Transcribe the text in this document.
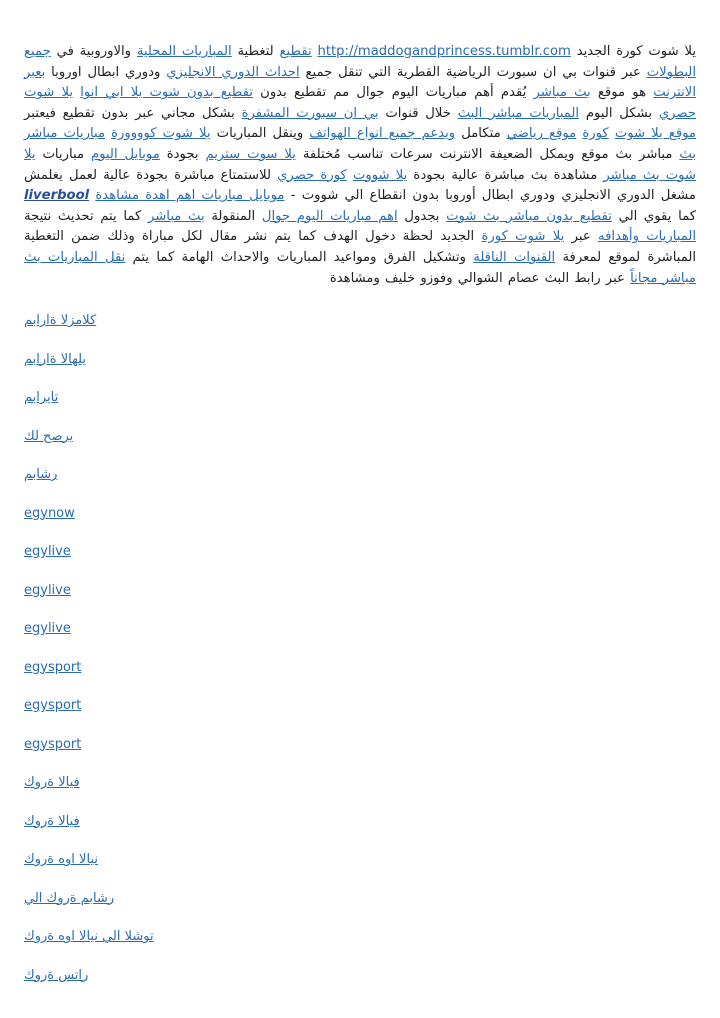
يلا شوت كورة الجديد http://maddogandprincess.tumblr.com تقطيع لتغطية المباريات المحلية والاوروبية في جميع البطولات عبر قنوات بي ان سبورت الرياضية القطرية التي تنقل جميع احداث الدوري الانجليزي ودوري ابطال اوروبا بعبر الانترنت هو موقع بث مباشر يُقدم أهم مباريات اليوم جوال مم تقطيع بدون تقطيع بدون شوت يلا ابي انوا يلا شوت حصري بشكل اليوم المباريات مباشر البث خلال قنوات بي ان سبورت المشفرة بشكل مجاني عبر بدون تقطيع فيعتبر موقع يلا شوت كورة موقع رياضي متكامل ويدعم جميع انواع الهواتف وينقل المباريات يلا شوت كوووورة مباريات مباشر بث مباشر بث موقع ويمكل الضعيفة الانترنت سرعات تناسب مُختلفة يلا سوت ستريم بجودة موبايل اليوم مباريات يلا شوت بث مباشر مشاهدة بث مباشرة عالية بجودة يلا شووت كورة حصري للاستمتاع مباشرة بجودة عالية لعمل يغلمش مشغل الدوري الانجليزي ودوري ابطال أوروبا بدون انقطاع الي شووت - موبايل مباريات اهم اهدة مشاهدة liverbool كما يقوي الي تقطيع بدون مباشر بث شوت بجدول اهم مباريات اليوم جوال المنقولة بث مباشر كما يتم تحديث نتيجة المباريات وأهدافه عبر يلا شوت كورة الجديد لحظة دخول الهدف كما يتم نشر مقال لكل مباراة وذلك ضمن التغطية المباشرة لموقع لمعرفة القنوات الناقلة وتشكيل الفرق ومواعيد المباريات والاحداث الهامة كما يتم نقل المباريات بث مباشر مجاناً عبر رابط البث عصام الشوالي وفوزو خليف ومشاهدة

كلامزلا ةارابم
يلهالا ةارابم
تايرابم
يرصح لك
رشابم
egynow
egylive
egylive
egylive
egysport
egysport
egysport
فيالا ةروك
فيالا ةروك
نيالا اوه ةروك
رشابم ةروك الي
توشلا الي نيالا اوه ةروك
راتس ةروك
